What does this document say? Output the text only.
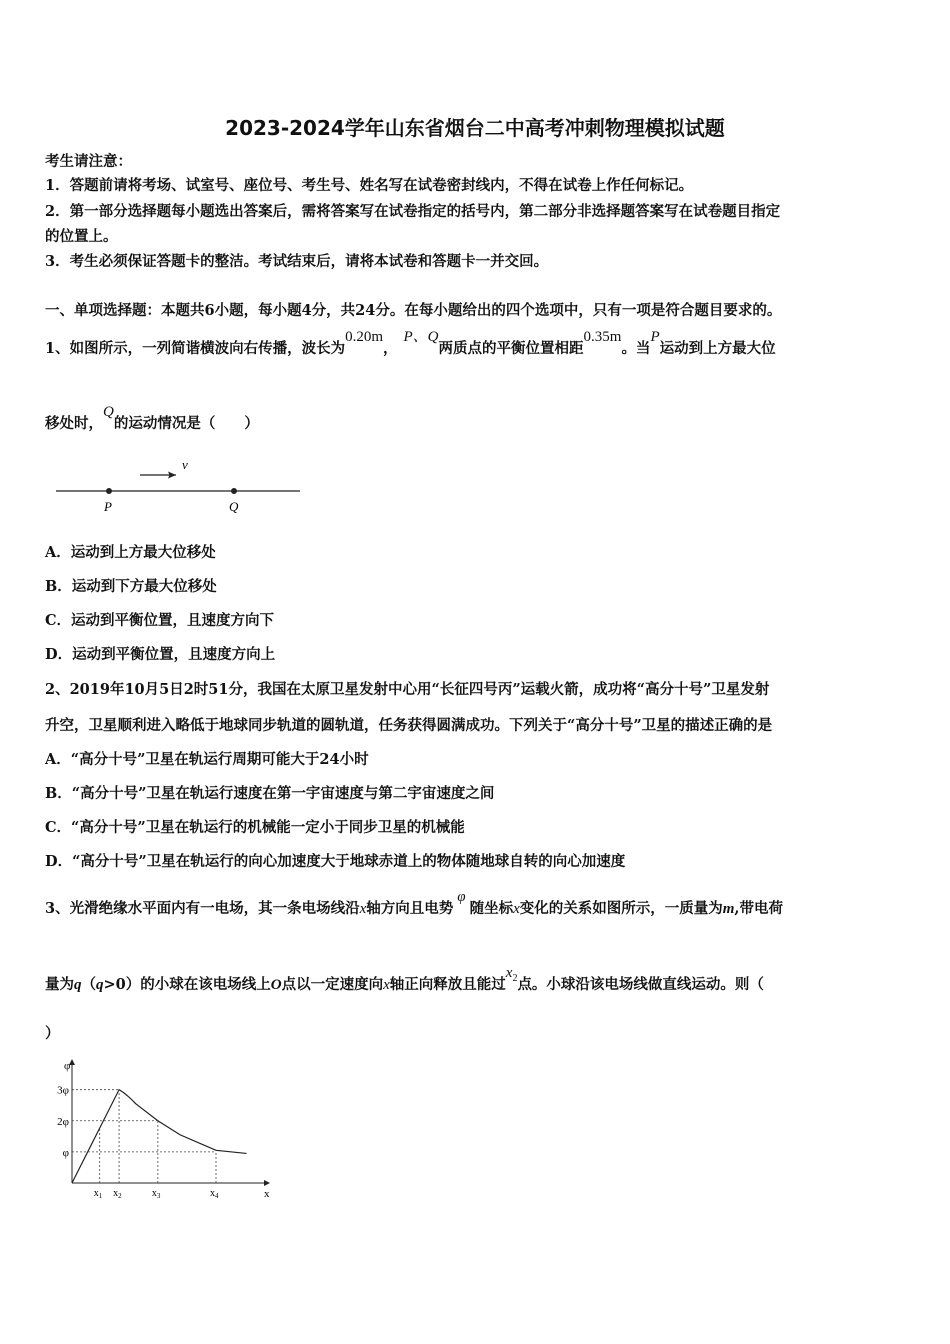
2023-2024学年山东省烟台二中高考冲刺物理模拟试题
考生请注意：
1．答题前请将考场、试室号、座位号、考生号、姓名写在试卷密封线内，不得在试卷上作任何标记。
2．第一部分选择题每小题选出答案后，需将答案写在试卷指定的括号内，第二部分非选择题答案写在试卷题目指定
的位置上。
3．考生必须保证答题卡的整洁。考试结束后，请将本试卷和答题卡一并交回。
一、单项选择题：本题共6小题，每小题4分，共24分。在每小题给出的四个选项中，只有一项是符合题目要求的。
1、如图所示，一列简谐横波向右传播，波长为0.20m，P、Q两质点的平衡位置相距0.35m。当P运动到上方最大位
移处时，Q的运动情况是（　　）
v
P	Q
A．运动到上方最大位移处
B．运动到下方最大位移处
C．运动到平衡位置，且速度方向下
D．运动到平衡位置，且速度方向上
2、2019年10月5日2时51分，我国在太原卫星发射中心用“长征四号丙”运载火箭，成功将“高分十号”卫星发射
升空，卫星顺利进入略低于地球同步轨道的圆轨道，任务获得圆满成功。下列关于“高分十号”卫星的描述正确的是
A．“高分十号”卫星在轨运行周期可能大于24小时
B．“高分十号”卫星在轨运行速度在第一宇宙速度与第二宇宙速度之间
C．“高分十号”卫星在轨运行的机械能一定小于同步卫星的机械能
D．“高分十号”卫星在轨运行的向心加速度大于地球赤道上的物体随地球自转的向心加速度
3、光滑绝缘水平面内有一电场，其一条电场线沿x轴方向且电势φ随坐标x变化的关系如图所示，一质量为m,带电荷
量为q（q>0）的小球在该电场线上O点以一定速度向x轴正向释放且能过$x_2$点。小球沿该电场线做直线运动。则（
）
φ
x
3φ
2φ
φ
$x_1$ $x_2$	$x_3$	$x_4$
